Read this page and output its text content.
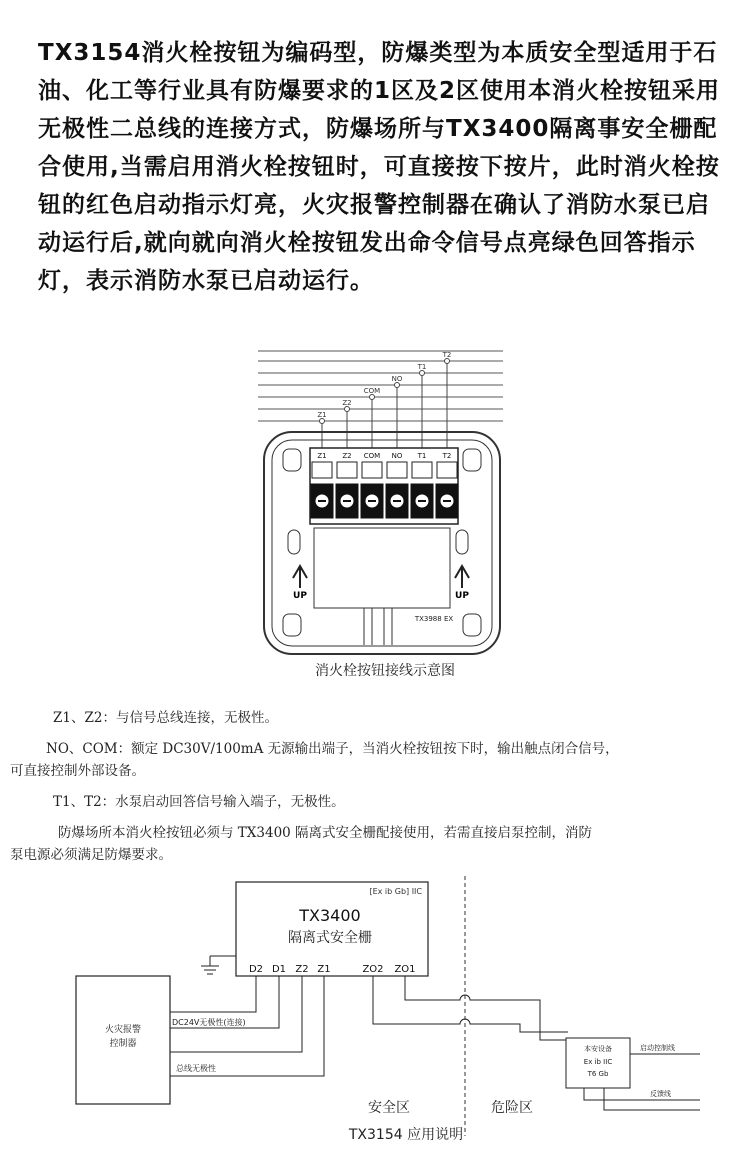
TX3154消火栓按钮为编码型，防爆类型为本质安全型适用于石油、化工等行业具有防爆要求的1区及2区使用本消火栓按钮采用无极性二总线的连接方式，防爆场所与TX3400隔离事安全栅配合使用,当需启用消火栓按钮时，可直接按下按片，此时消火栓按钮的红色启动指示灯亮，火灾报警控制器在确认了消防水泵已启动运行后,就向就向消火栓按钮发出命令信号点亮绿色回答指示灯，表示消防水泵已启动运行。

Z1
Z2
COM
NO
T1
T2
Z1 Z2 COM NO T1 T2
UP	UP
TX3988 EX
消火栓按钮接线示意图
Z1、Z2：与信号总线连接，无极性。
NO、COM：额定 DC30V/100mA 无源输出端子，当消火栓按钮按下时，输出触点闭合信号，
可直接控制外部设备。
T1、T2：水泵启动回答信号输入端子，无极性。
防爆场所本消火栓按钮必须与 TX3400 隔离式安全栅配接使用，若需直接启泵控制，消防
泵电源必须满足防爆要求。
[Ex ib Gb] IIC
TX3400
隔离式安全栅
D2 D1 Z2 Z1	ZO2 ZO1
火灾报警
控制器
DC24V无极性(连接)
总线无极性
本安设备
Ex ib IIC
T6 Gb
启动控制线
反馈线
安全区	危险区
TX3154 应用说明
